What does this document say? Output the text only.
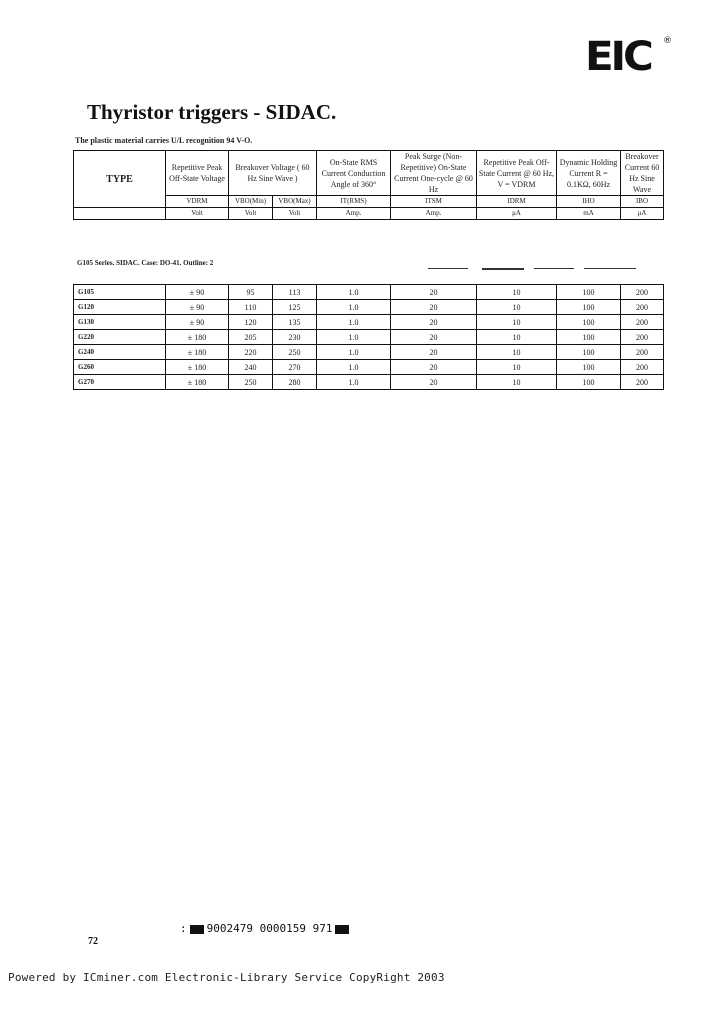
EIC ®
Thyristor triggers - SIDAC.
The plastic material carries U/L recognition 94 V-O.
TYPE	Repetitive Peak Off-State Voltage	Breakover Voltage ( 60 Hz Sine Wave )		On-State RMS Current Conduction Angle of 360°	Peak Surge (Non-Repetitive) On-State Current One-cycle @ 60 Hz	Repetitive Peak Off-State Current @ 60 Hz, V = VDRM	Dynamic Holding Current R = 0.1KΩ, 60Hz	Breakover Current 60 Hz Sine Wave
	VDRM	VBO(Min)	VBO(Max)	IT(RMS)	ITSM	IDRM	IHO	IBO
	Volt	Volt	Volt	Amp.	Amp.	μA	mA	μA
G105 Series. SIDAC. Case: DO-41. Outline: 2
G105	± 90	95	113	1.0	20	10	100	200
G120	± 90	110	125	1.0	20	10	100	200
G130	± 90	120	135	1.0	20	10	100	200
G220	± 180	205	230	1.0	20	10	100	200
G240	± 180	220	250	1.0	20	10	100	200
G260	± 180	240	270	1.0	20	10	100	200
G270	± 180	250	280	1.0	20	10	100	200
: 9002479 0000159 971
72
Powered by ICminer.com Electronic-Library Service CopyRight 2003
